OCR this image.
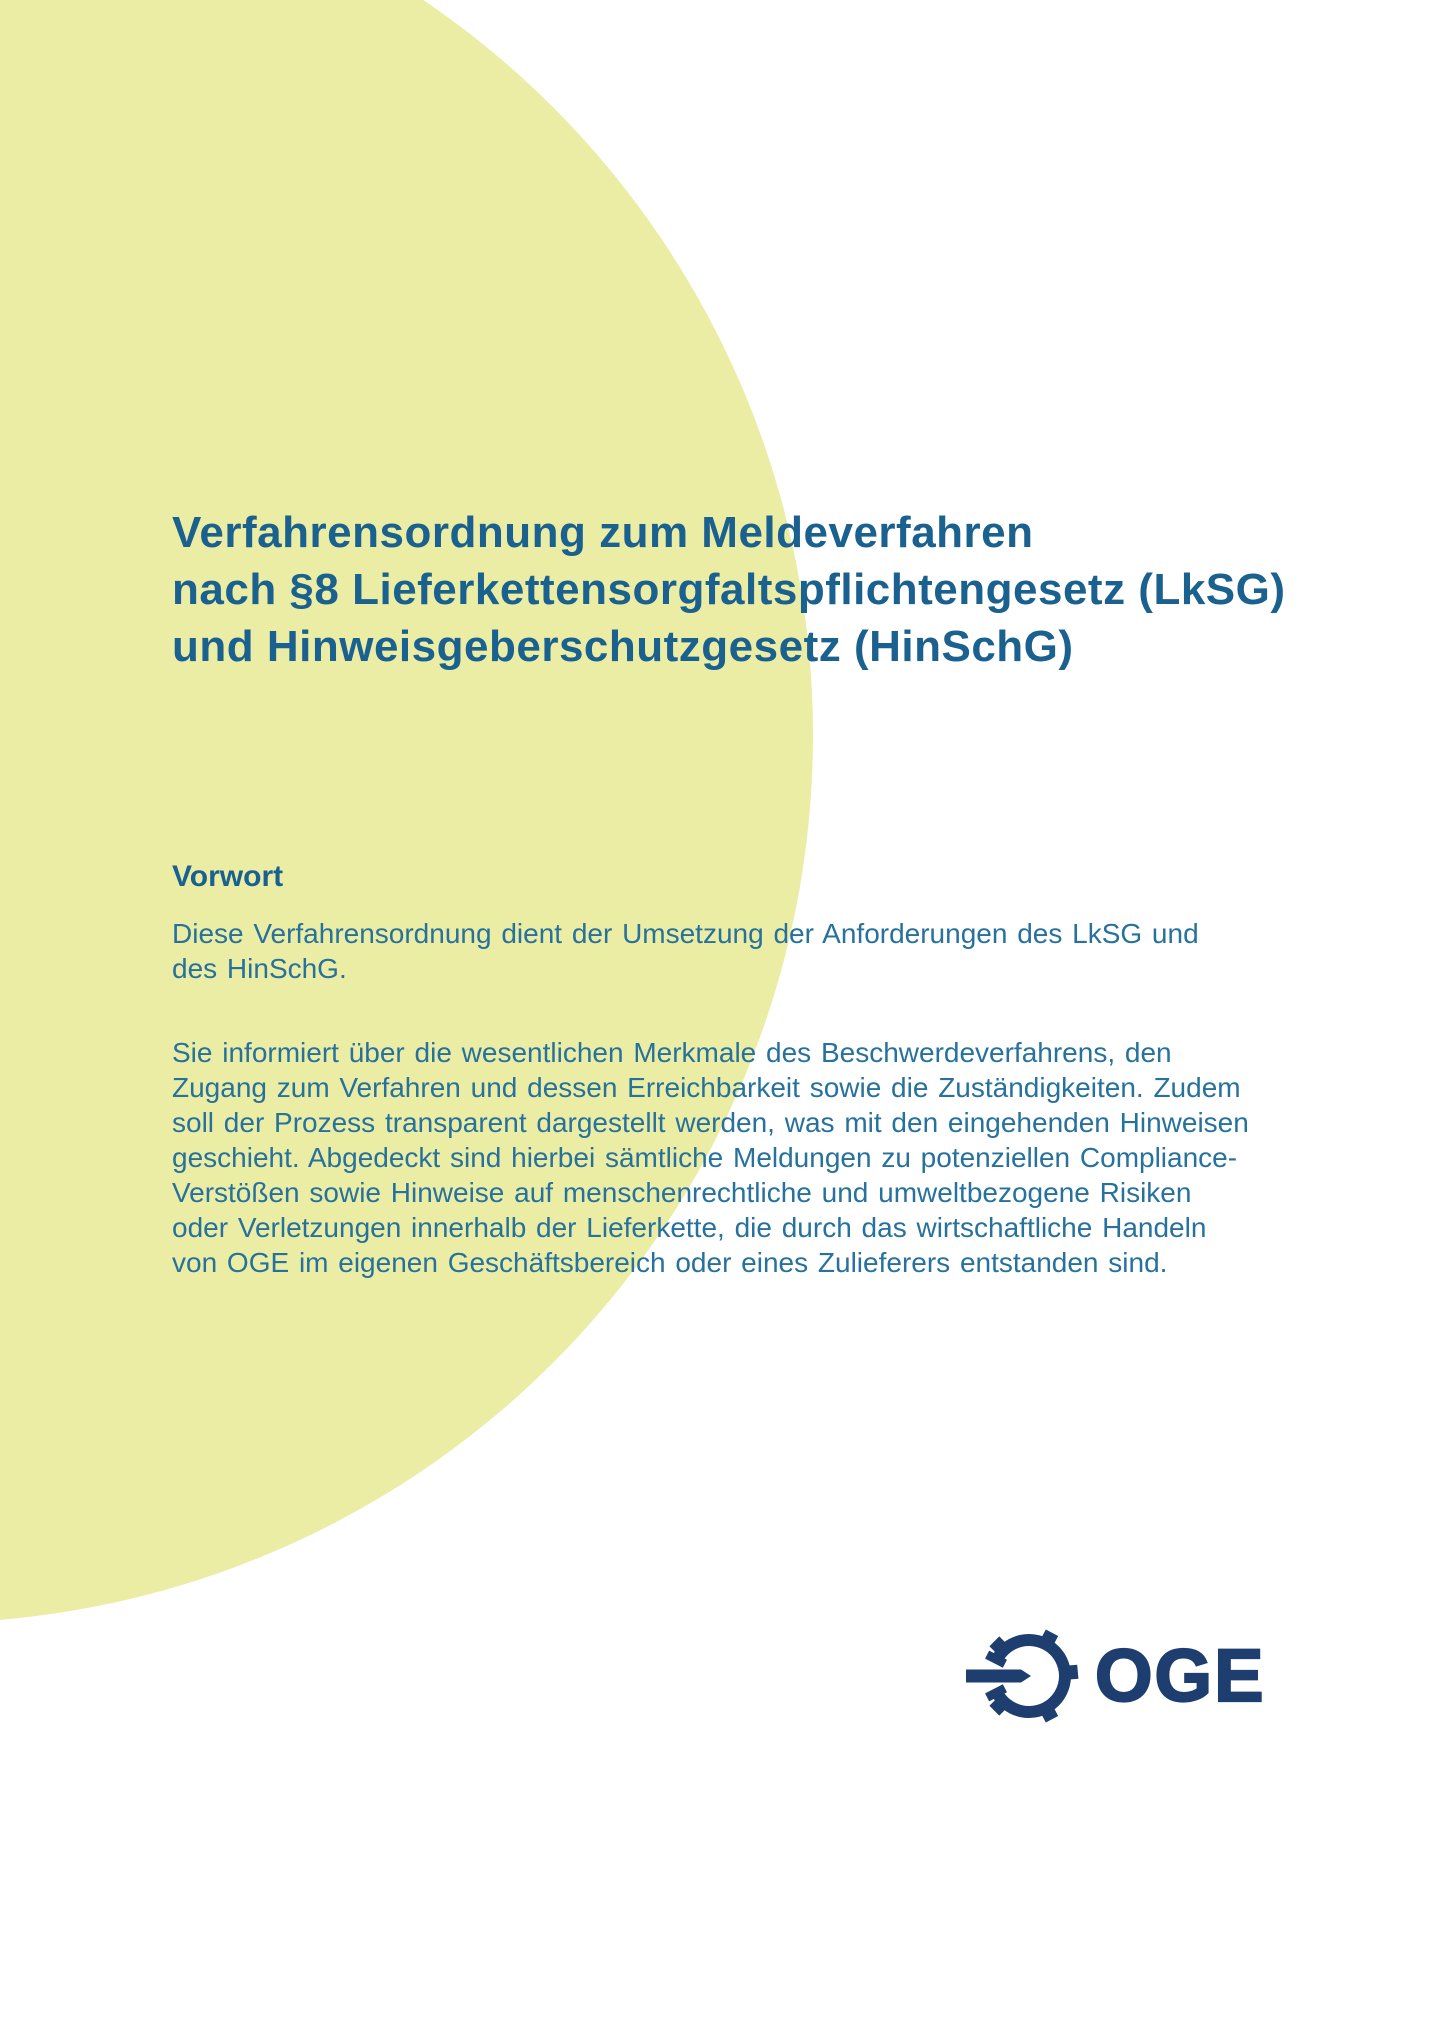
Verfahrensordnung zum Meldeverfahren
nach §8 Lieferkettensorgfaltspflichtengesetz (LkSG)
und Hinweisgeberschutzgesetz (HinSchG)
Vorwort
Diese Verfahrensordnung dient der Umsetzung der Anforderungen des LkSG und
des HinSchG.
Sie informiert über die wesentlichen Merkmale des Beschwerdeverfahrens, den
Zugang zum Verfahren und dessen Erreichbarkeit sowie die Zuständigkeiten. Zudem
soll der Prozess transparent dargestellt werden, was mit den eingehenden Hinweisen
geschieht. Abgedeckt sind hierbei sämtliche Meldungen zu potenziellen Compliance-
Verstößen sowie Hinweise auf menschenrechtliche und umweltbezogene Risiken
oder Verletzungen innerhalb der Lieferkette, die durch das wirtschaftliche Handeln
von OGE im eigenen Geschäftsbereich oder eines Zulieferers entstanden sind.
OGE
